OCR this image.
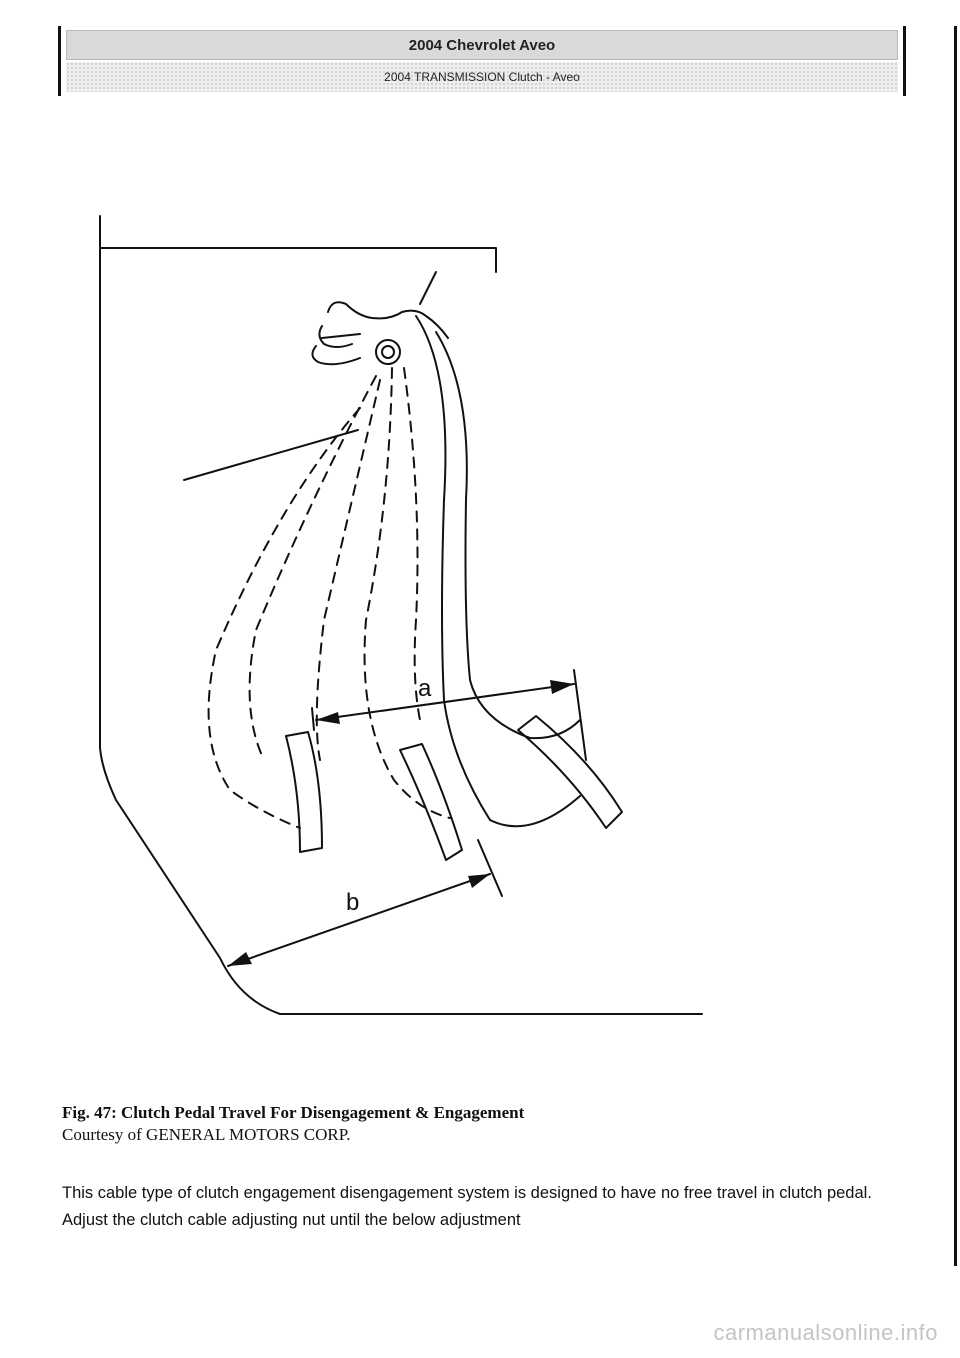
2004 Chevrolet Aveo
2004 TRANSMISSION Clutch - Aveo
a
b
Fig. 47: Clutch Pedal Travel For Disengagement & Engagement
Courtesy of GENERAL MOTORS CORP.
This cable type of clutch engagement disengagement system is designed to have no free travel in clutch pedal. Adjust the clutch cable adjusting nut until the below adjustment
carmanualsonline.info
